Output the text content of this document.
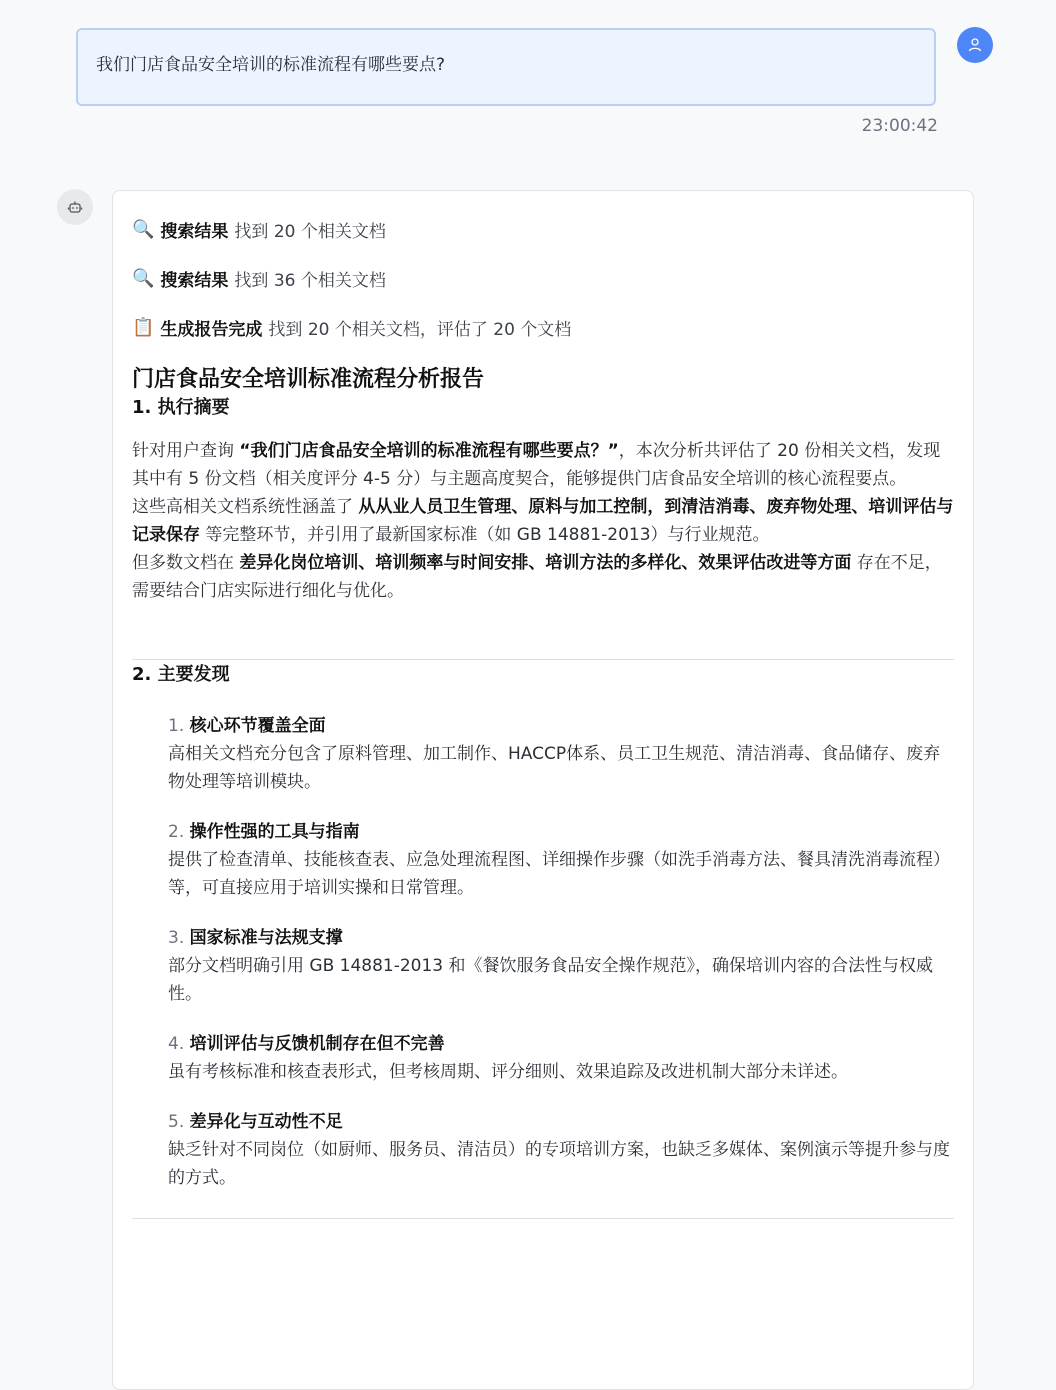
我们门店食品安全培训的标准流程有哪些要点?
23:00:42
🔍 搜索结果 找到 20 个相关文档
🔍 搜索结果 找到 36 个相关文档
📋 生成报告完成 找到 20 个相关文档，评估了 20 个文档
门店食品安全培训标准流程分析报告
1. 执行摘要

针对用户查询 “我们门店食品安全培训的标准流程有哪些要点？”，本次分析共评估了 20 份相关文档，发现其中有 5 份文档（相关度评分 4-5 分）与主题高度契合，能够提供门店食品安全培训的核心流程要点。

这些高相关文档系统性涵盖了 从从业人员卫生管理、原料与加工控制，到清洁消毒、废弃物处理、培训评估与记录保存 等完整环节，并引用了最新国家标准（如 GB 14881-2013）与行业规范。

但多数文档在 差异化岗位培训、培训频率与时间安排、培训方法的多样化、效果评估改进等方面 存在不足，需要结合门店实际进行细化与优化。

2. 主要发现
1. 核心环节覆盖全面
高相关文档充分包含了原料管理、加工制作、HACCP体系、员工卫生规范、清洁消毒、食品储存、废弃物处理等培训模块。
2. 操作性强的工具与指南
提供了检查清单、技能核查表、应急处理流程图、详细操作步骤（如洗手消毒方法、餐具清洗消毒流程）等，可直接应用于培训实操和日常管理。
3. 国家标准与法规支撑
部分文档明确引用 GB 14881-2013 和《餐饮服务食品安全操作规范》，确保培训内容的合法性与权威性。
4. 培训评估与反馈机制存在但不完善
虽有考核标准和核查表形式，但考核周期、评分细则、效果追踪及改进机制大部分未详述。
5. 差异化与互动性不足
缺乏针对不同岗位（如厨师、服务员、清洁员）的专项培训方案，也缺乏多媒体、案例演示等提升参与度的方式。
